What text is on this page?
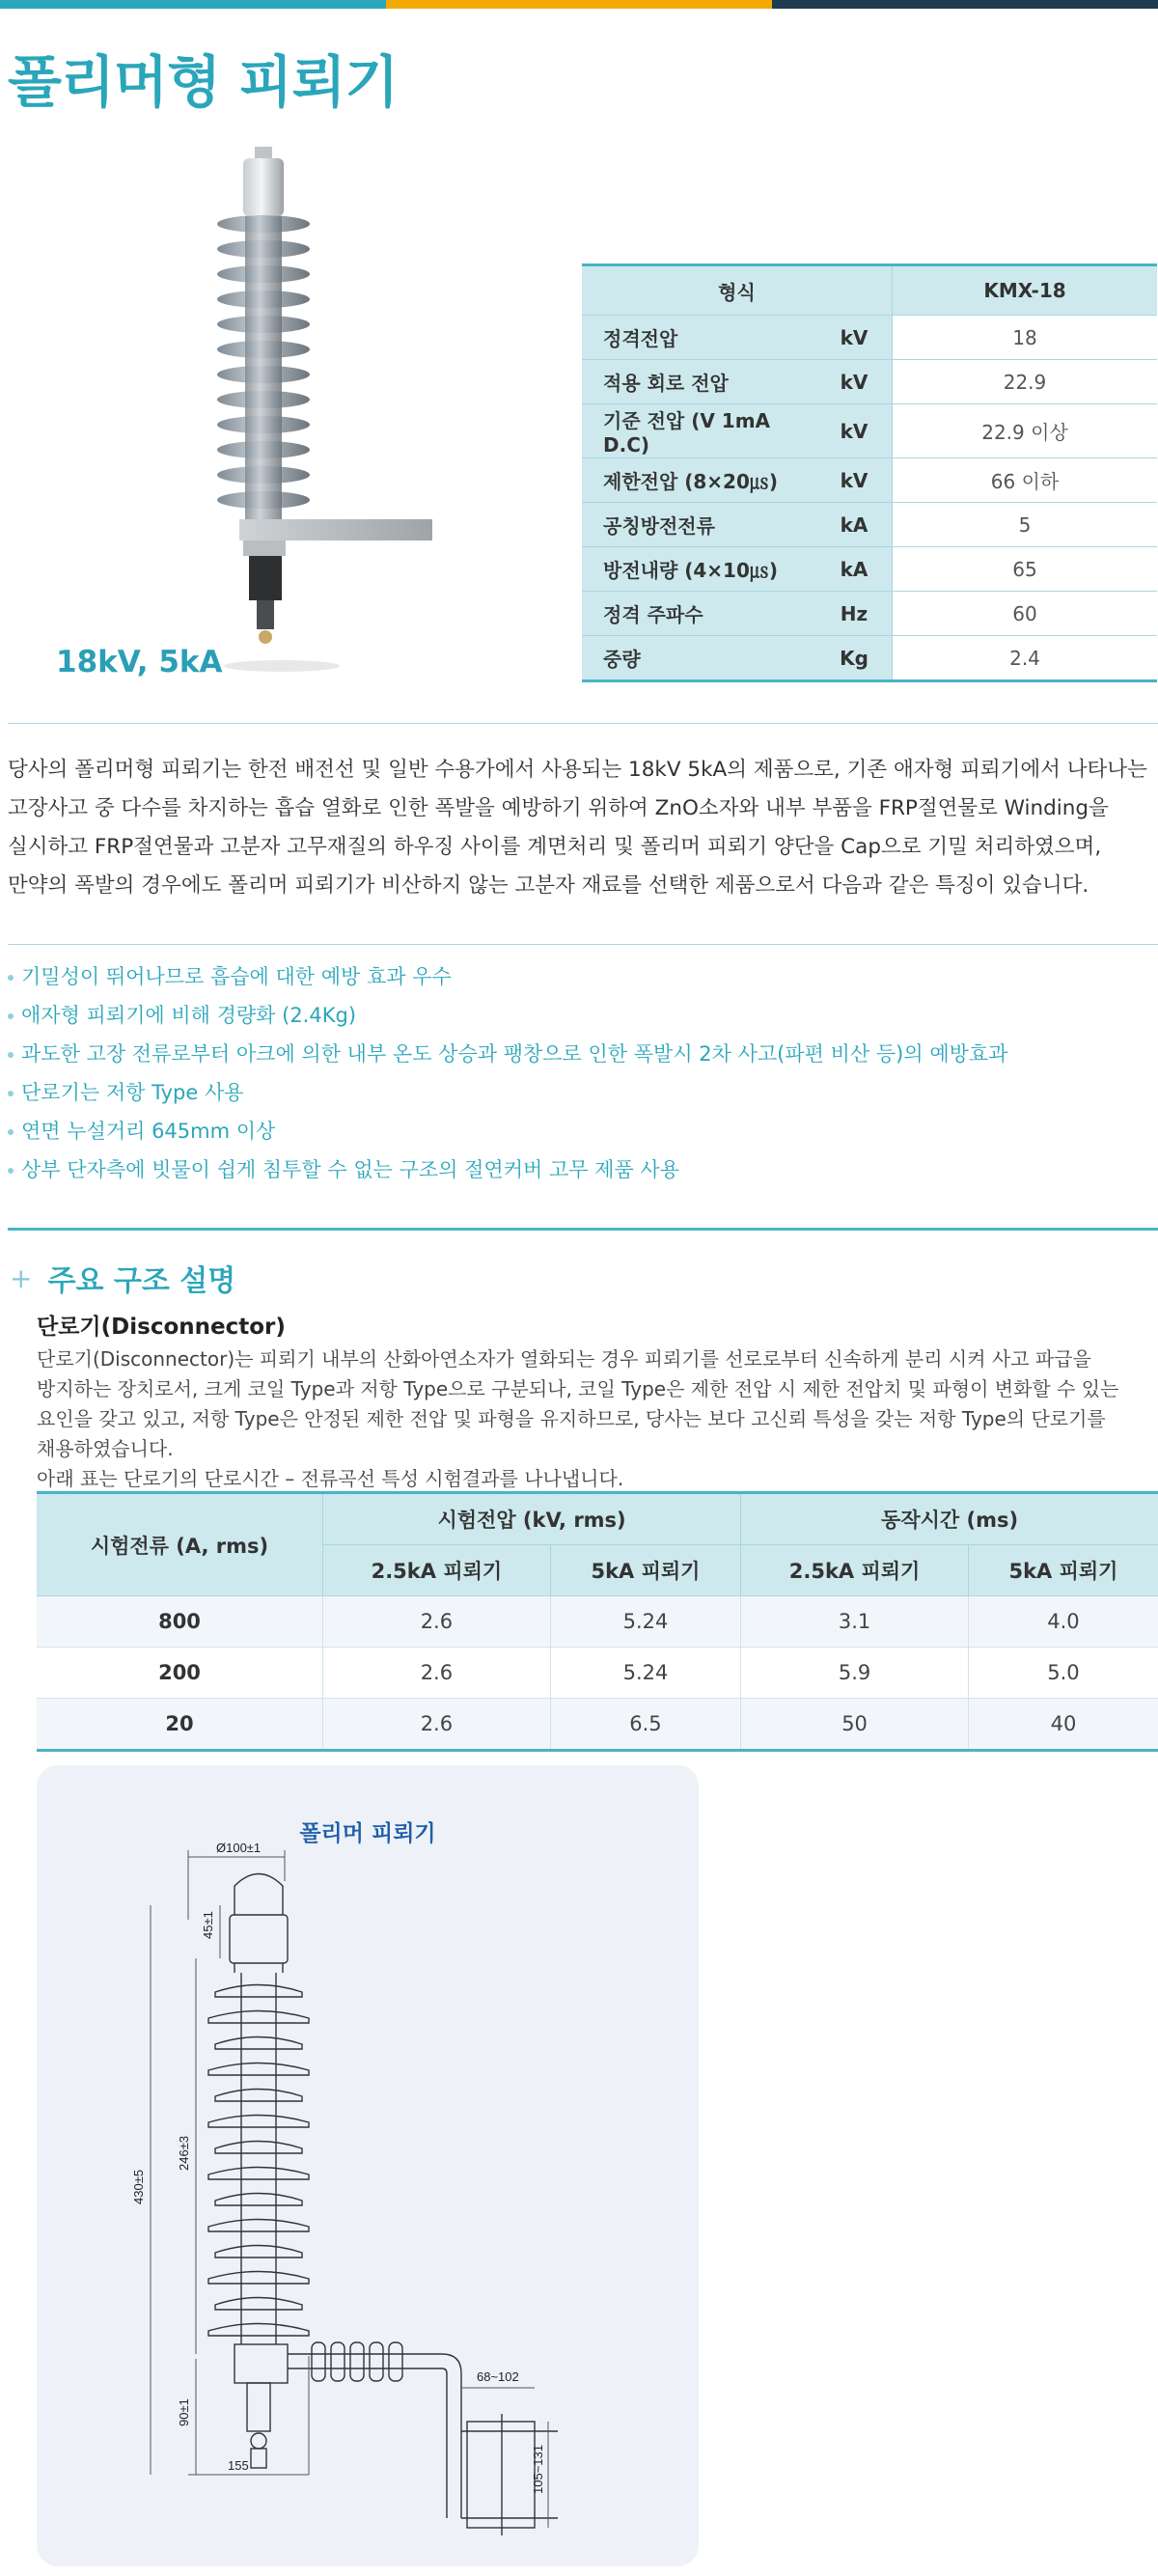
폴리머형 피뢰기
18kV, 5kA
형식		KMX-18
정격전압	kV	18
적용 회로 전압	kV	22.9
기준 전압 (V 1mA D.C)	kV	22.9 이상
제한전압 (8×20㎲)	kV	66 이하
공칭방전전류	kA	5
방전내량 (4×10㎲)	kA	65
정격 주파수	Hz	60
중량	Kg	2.4

당사의 폴리머형 피뢰기는 한전 배전선 및 일반 수용가에서 사용되는 18kV 5kA의 제품으로, 기존 애자형 피뢰기에서 나타나는 고장사고 중 다수를 차지하는 흡습 열화로 인한 폭발을 예방하기 위하여 ZnO소자와 내부 부품을 FRP절연물로 Winding을 실시하고 FRP절연물과 고분자 고무재질의 하우징 사이를 계면처리 및 폴리머 피뢰기 양단을 Cap으로 기밀 처리하였으며, 만약의 폭발의 경우에도 폴리머 피뢰기가 비산하지 않는 고분자 재료를 선택한 제품으로서 다음과 같은 특징이 있습니다.

기밀성이 뛰어나므로 흡습에 대한 예방 효과 우수
애자형 피뢰기에 비해 경량화 (2.4Kg)
과도한 고장 전류로부터 아크에 의한 내부 온도 상승과 팽창으로 인한 폭발시 2차 사고(파편 비산 등)의 예방효과
단로기는 저항 Type 사용
연면 누설거리 645mm 이상
상부 단자측에 빗물이 쉽게 침투할 수 없는 구조의 절연커버 고무 제품 사용
+ 주요 구조 설명
단로기(Disconnector)
단로기(Disconnector)는 피뢰기 내부의 산화아연소자가 열화되는 경우 피뢰기를 선로로부터 신속하게 분리 시켜 사고 파급을 방지하는 장치로서, 크게 코일 Type과 저항 Type으로 구분되나, 코일 Type은 제한 전압 시 제한 전압치 및 파형이 변화할 수 있는 요인을 갖고 있고, 저항 Type은 안정된 제한 전압 및 파형을 유지하므로, 당사는 보다 고신뢰 특성을 갖는 저항 Type의 단로기를 채용하였습니다.
아래 표는 단로기의 단로시간 – 전류곡선 특성 시험결과를 나나냅니다.
시험전류 (A, rms)	시험전압 (kV, rms)		동작시간 (ms)	
	2.5kA 피뢰기	5kA 피뢰기	2.5kA 피뢰기	5kA 피뢰기
800	2.6	5.24	3.1	4.0
200	2.6	5.24	5.9	5.0
20	2.6	6.5	50	40
폴리머 피뢰기
Ø100±1
45±1
430±5
246±3
90±1
68~102
155	105~131
